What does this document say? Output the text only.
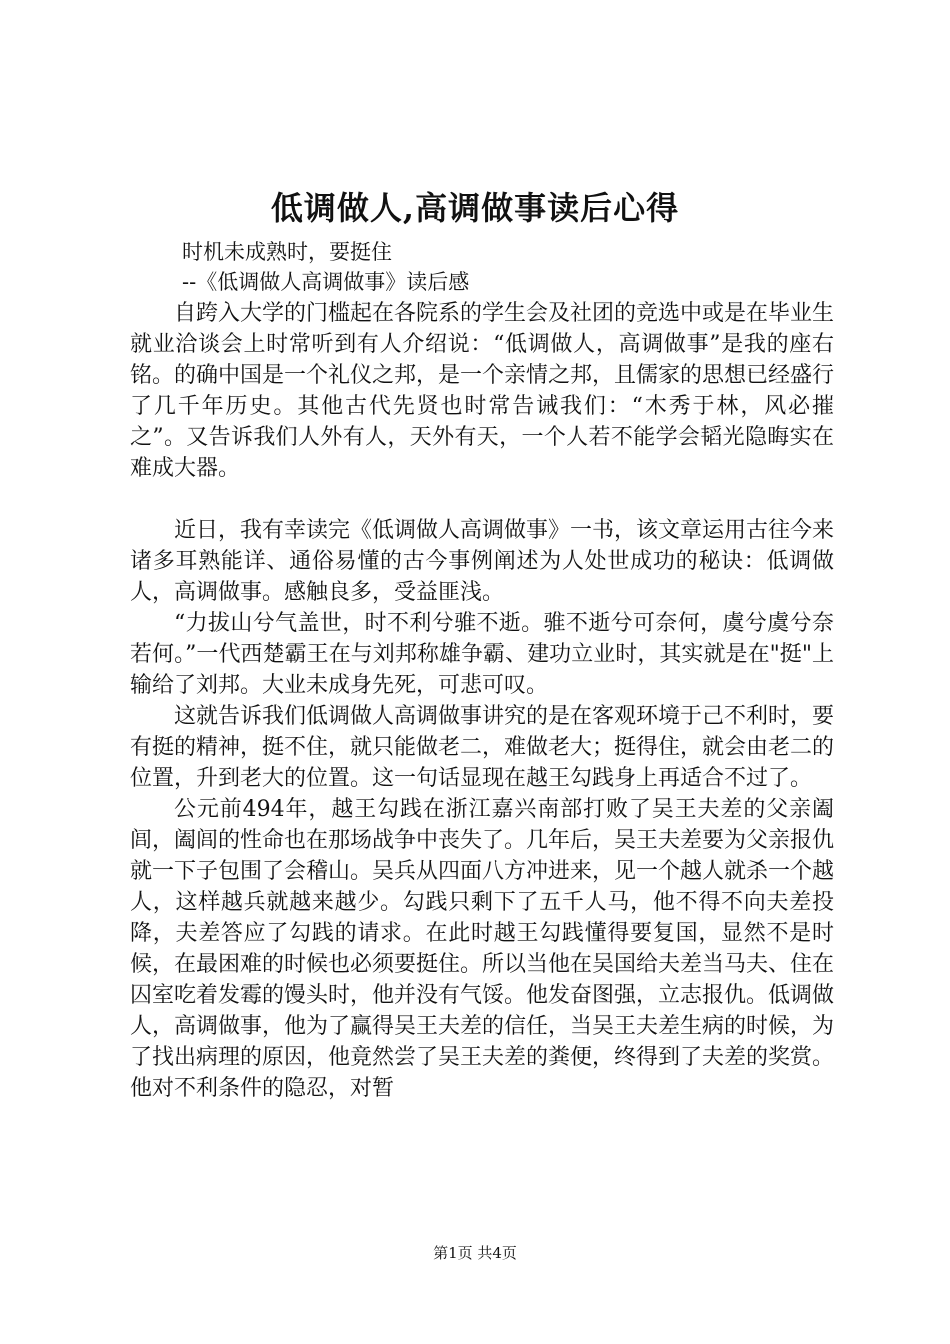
低调做人,高调做事读后心得
时机未成熟时，要挺住
--《低调做人高调做事》读后感

自跨入大学的门槛起在各院系的学生会及社团的竞选中或是在毕业生就业洽谈会上时常听到有人介绍说：“低调做人，高调做事”是我的座右铭。的确中国是一个礼仪之邦，是一个亲情之邦，且儒家的思想已经盛行了几千年历史。其他古代先贤也时常告诫我们：“木秀于林，风必摧之”。又告诉我们人外有人，天外有天，一个人若不能学会韬光隐晦实在难成大器。

近日，我有幸读完《低调做人高调做事》一书，该文章运用古往今来诸多耳熟能详、通俗易懂的古今事例阐述为人处世成功的秘诀：低调做人，高调做事。感触良多，受益匪浅。

“力拔山兮气盖世，时不利兮骓不逝。骓不逝兮可奈何，虞兮虞兮奈若何。”一代西楚霸王在与刘邦称雄争霸、建功立业时，其实就是在"挺"上输给了刘邦。大业未成身先死，可悲可叹。

这就告诉我们低调做人高调做事讲究的是在客观环境于己不利时，要有挺的精神，挺不住，就只能做老二，难做老大；挺得住，就会由老二的位置，升到老大的位置。这一句话显现在越王勾践身上再适合不过了。

公元前494年，越王勾践在浙江嘉兴南部打败了吴王夫差的父亲阖闾，阖闾的性命也在那场战争中丧失了。几年后，吴王夫差要为父亲报仇就一下子包围了会稽山。吴兵从四面八方冲进来，见一个越人就杀一个越人，这样越兵就越来越少。勾践只剩下了五千人马，他不得不向夫差投降，夫差答应了勾践的请求。在此时越王勾践懂得要复国，显然不是时候，在最困难的时候也必须要挺住。所以当他在吴国给夫差当马夫、住在囚室吃着发霉的馒头时，他并没有气馁。他发奋图强，立志报仇。低调做人，高调做事，他为了赢得吴王夫差的信任，当吴王夫差生病的时候，为了找出病理的原因，他竟然尝了吴王夫差的粪便，终得到了夫差的奖赏。他对不利条件的隐忍，对暂

第1页 共4页
